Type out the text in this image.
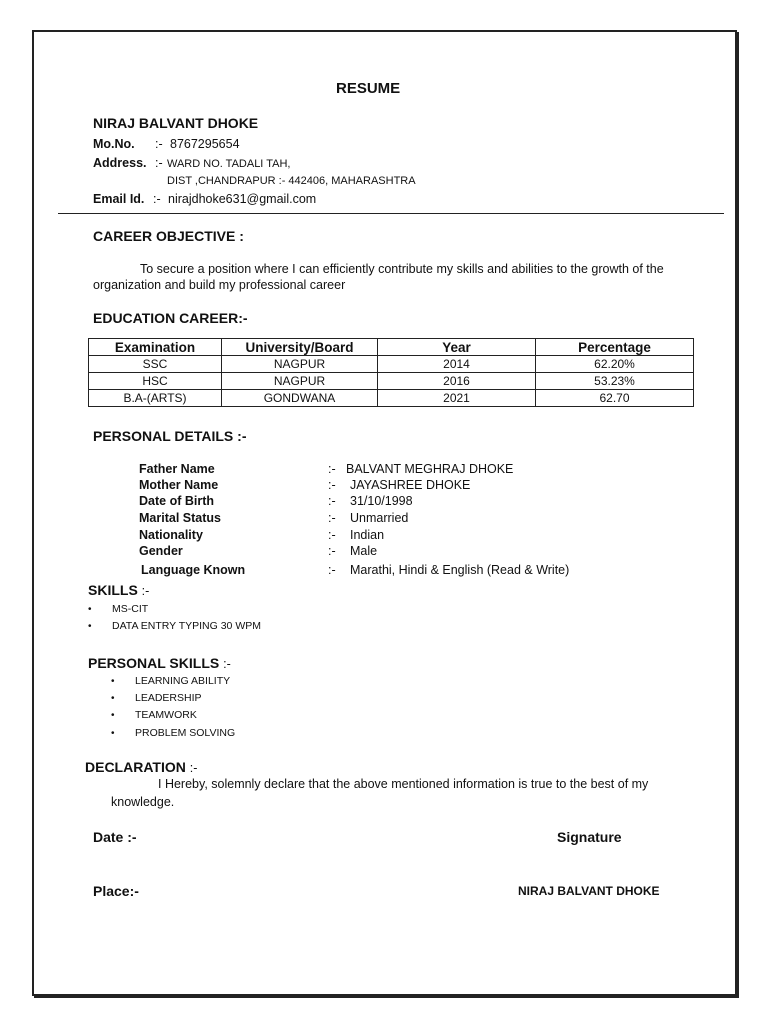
RESUME
NIRAJ BALVANT DHOKE
Mo.No. :- 8767295654
Address. :- WARD NO. TADALI TAH,
DIST ,CHANDRAPUR :- 442406, MAHARASHTRA
Email Id. :- nirajdhoke631@gmail.com
CAREER OBJECTIVE :
To secure a position where I can efficiently contribute my skills and abilities to the growth of the
organization and build my professional career
EDUCATION CAREER:-
Examination	University/Board	Year	Percentage
SSC	NAGPUR	2014	62.20%
HSC	NAGPUR	2016	53.23%
B.A-(ARTS)	GONDWANA	2021	62.70
PERSONAL DETAILS :-
Father Name	:- BALVANT MEGHRAJ DHOKE
Mother Name	:- JAYASHREE DHOKE
Date of Birth	:- 31/10/1998
Marital Status	:- Unmarried
Nationality	:- Indian
Gender	:- Male
Language Known	:- Marathi, Hindi & English (Read & Write)
SKILLS :-
• MS-CIT
• DATA ENTRY TYPING 30 WPM
PERSONAL SKILLS :-
• LEARNING ABILITY
• LEADERSHIP
• TEAMWORK
• PROBLEM SOLVING
DECLARATION :-
I Hereby, solemnly declare that the above mentioned information is true to the best of my
knowledge.
Date :-	Signature
Place:-	NIRAJ BALVANT DHOKE
